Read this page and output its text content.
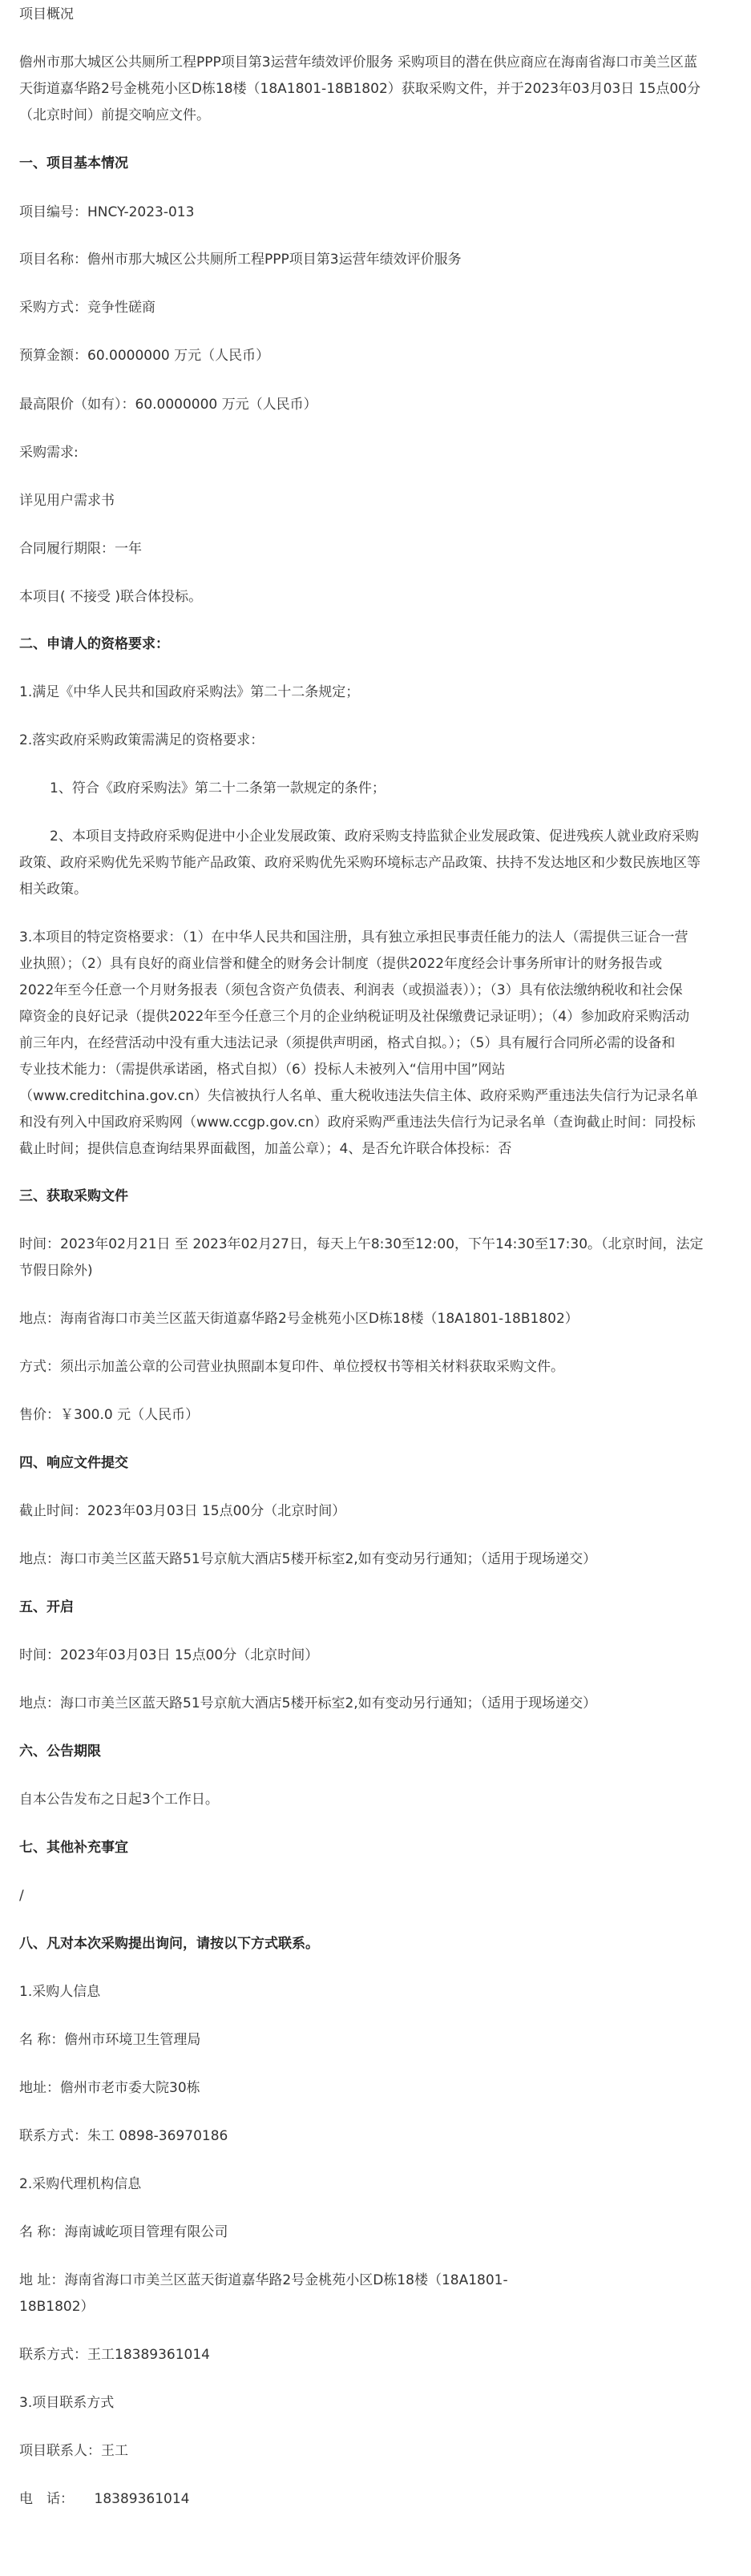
项目概况
儋州市那大城区公共厕所工程PPP项目第3运营年绩效评价服务 采购项目的潜在供应商应在海南省海口市美兰区蓝
天街道嘉华路2号金桃苑小区D栋18楼（18A1801-18B1802）获取采购文件，并于2023年03月03日 15点00分
（北京时间）前提交响应文件。
一、项目基本情况
项目编号：HNCY-2023-013
项目名称：儋州市那大城区公共厕所工程PPP项目第3运营年绩效评价服务
采购方式：竞争性磋商
预算金额：60.0000000 万元（人民币）
最高限价（如有）：60.0000000 万元（人民币）
采购需求:
详见用户需求书
合同履行期限：一年
本项目( 不接受 )联合体投标。
二、申请人的资格要求：
1.满足《中华人民共和国政府采购法》第二十二条规定；
2.落实政府采购政策需满足的资格要求：
1、符合《政府采购法》第二十二条第一款规定的条件；
2、本项目支持政府采购促进中小企业发展政策、政府采购支持监狱企业发展政策、促进残疾人就业政府采购
政策、政府采购优先采购节能产品政策、政府采购优先采购环境标志产品政策、扶持不发达地区和少数民族地区等
相关政策。
3.本项目的特定资格要求：（1）在中华人民共和国注册，具有独立承担民事责任能力的法人（需提供三证合一营
业执照）；（2）具有良好的商业信誉和健全的财务会计制度（提供2022年度经会计事务所审计的财务报告或
2022年至今任意一个月财务报表（须包含资产负债表、利润表（或损溢表））；（3）具有依法缴纳税收和社会保
障资金的良好记录（提供2022年至今任意三个月的企业纳税证明及社保缴费记录证明）；（4）参加政府采购活动
前三年内，在经营活动中没有重大违法记录（须提供声明函，格式自拟。）；（5）具有履行合同所必需的设备和
专业技术能力：（需提供承诺函，格式自拟）（6）投标人未被列入“信用中国”网站
（www.creditchina.gov.cn）失信被执行人名单、重大税收违法失信主体、政府采购严重违法失信行为记录名单
和没有列入中国政府采购网（www.ccgp.gov.cn）政府采购严重违法失信行为记录名单（查询截止时间：同投标
截止时间；提供信息查询结果界面截图，加盖公章）；4、是否允许联合体投标：否
三、获取采购文件
时间：2023年02月21日 至 2023年02月27日，每天上午8:30至12:00，下午14:30至17:30。（北京时间，法定
节假日除外)
地点：海南省海口市美兰区蓝天街道嘉华路2号金桃苑小区D栋18楼（18A1801-18B1802）
方式：须出示加盖公章的公司营业执照副本复印件、单位授权书等相关材料获取采购文件。
售价：￥300.0 元（人民币）
四、响应文件提交
截止时间：2023年03月03日 15点00分（北京时间）
地点：海口市美兰区蓝天路51号京航大酒店5楼开标室2,如有变动另行通知；（适用于现场递交）
五、开启
时间：2023年03月03日 15点00分（北京时间）
地点：海口市美兰区蓝天路51号京航大酒店5楼开标室2,如有变动另行通知；（适用于现场递交）
六、公告期限
自本公告发布之日起3个工作日。
七、其他补充事宜
/
八、凡对本次采购提出询问，请按以下方式联系。
1.采购人信息
名 称：儋州市环境卫生管理局
地址：儋州市老市委大院30栋
联系方式：朱工 0898-36970186
2.采购代理机构信息
名 称：海南诚屹项目管理有限公司
地 址：海南省海口市美兰区蓝天街道嘉华路2号金桃苑小区D栋18楼（18A1801-
18B1802）
联系方式：王工18389361014
3.项目联系方式
项目联系人：王工
电　话：　　18389361014
